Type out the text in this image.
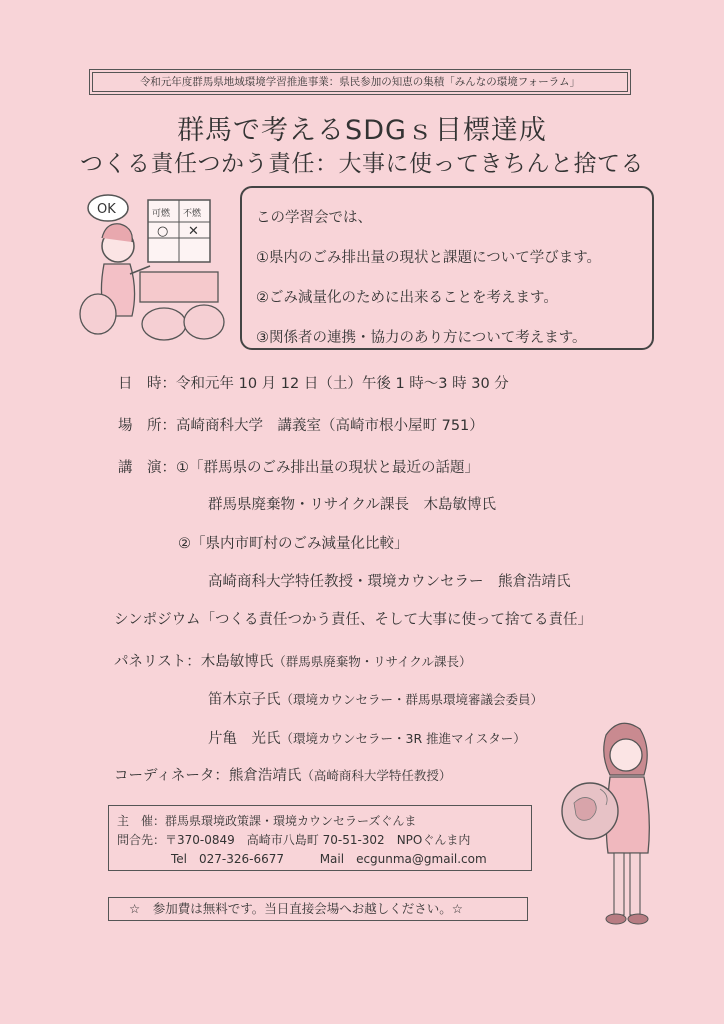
令和元年度群馬県地域環境学習推進事業：県民参加の知恵の集積「みんなの環境フォーラム」
群馬で考えるSDGｓ目標達成
つくる責任つかう責任：大事に使ってきちんと捨てる
OK	可燃 不燃
○ ✕
この学習会では、
①県内のごみ排出量の現状と課題について学びます。
②ごみ減量化のために出来ることを考えます。
③関係者の連携・協力のあり方について考えます。
日　時：令和元年 10 月 12 日（土）午後 1 時～3 時 30 分
場　所：高崎商科大学　講義室（高崎市根小屋町 751）
講　演：①「群馬県のごみ排出量の現状と最近の話題」
群馬県廃棄物・リサイクル課長　木島敏博氏
②「県内市町村のごみ減量化比較」
高崎商科大学特任教授・環境カウンセラー　熊倉浩靖氏
シンポジウム「つくる責任つかう責任、そして大事に使って捨てる責任」
パネリスト：木島敏博氏（群馬県廃棄物・リサイクル課長）
笛木京子氏（環境カウンセラー・群馬県環境審議会委員）
片亀　光氏（環境カウンセラー・3R 推進マイスター）
コーディネータ：熊倉浩靖氏（高崎商科大学特任教授）
主　催：群馬県環境政策課・環境カウンセラーズぐんま
問合先：〒370-0849　高崎市八島町 70-51-302　NPOぐんま内
Tel　027-326-6677	Mail　ecgunma@gmail.com
☆　参加費は無料です。当日直接会場へお越しください。☆
